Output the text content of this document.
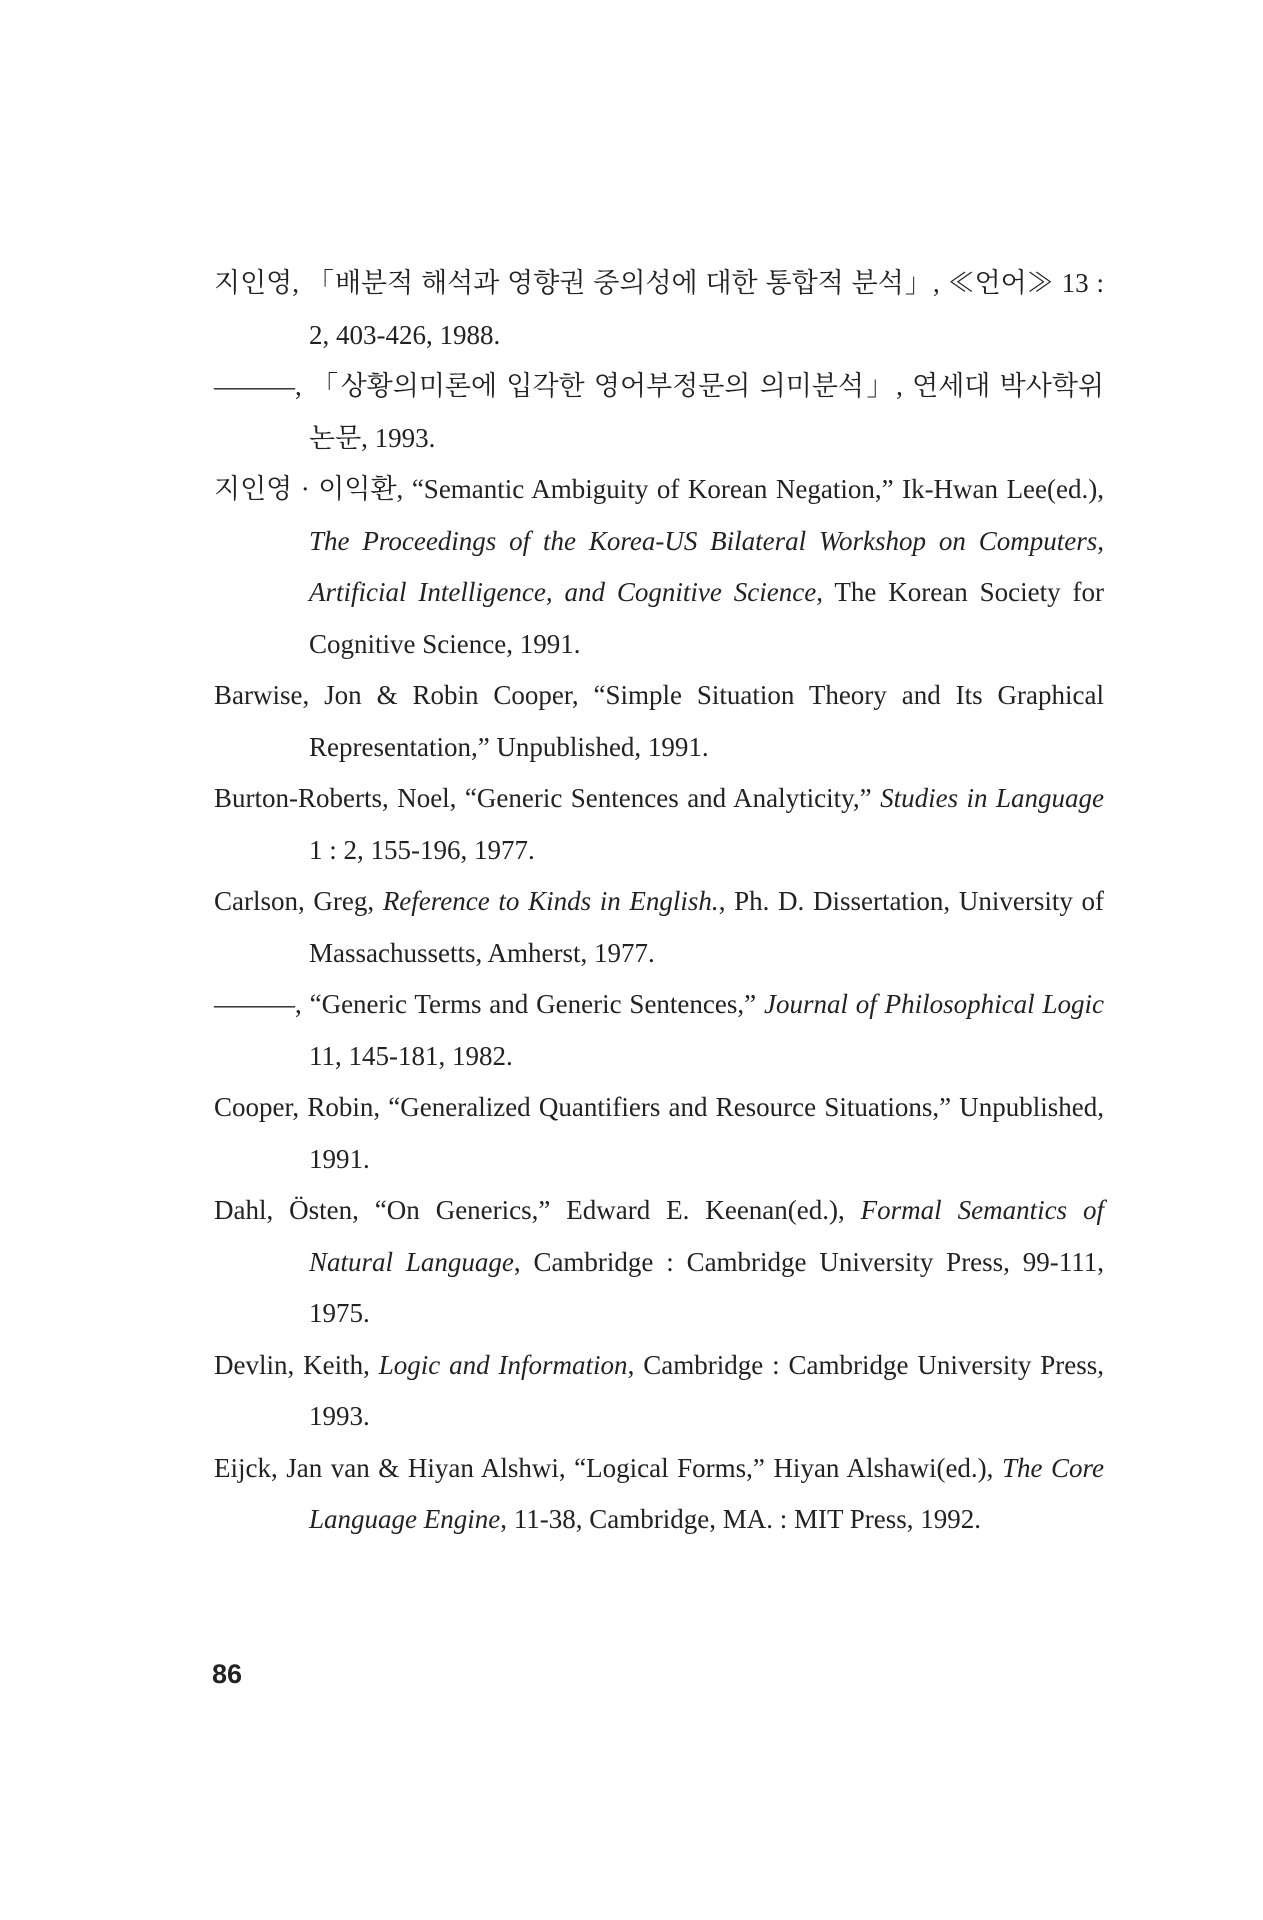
지인영, 「배분적 해석과 영향권 중의성에 대한 통합적 분석」, ≪언어≫ 13 : 2, 403-426, 1988.
———, 「상황의미론에 입각한 영어부정문의 의미분석」, 연세대 박사학위논문, 1993.
지인영 · 이익환, “Semantic Ambiguity of Korean Negation,” Ik-Hwan Lee(ed.), The Proceedings of the Korea-US Bilateral Workshop on Computers, Artificial Intelligence, and Cognitive Science, The Korean Society for Cognitive Science, 1991.
Barwise, Jon & Robin Cooper, “Simple Situation Theory and Its Graphical Representation,” Unpublished, 1991.
Burton-Roberts, Noel, “Generic Sentences and Analyticity,” Studies in Language 1 : 2, 155-196, 1977.
Carlson, Greg, Reference to Kinds in English., Ph. D. Dissertation, University of Massachussetts, Amherst, 1977.
———, “Generic Terms and Generic Sentences,” Journal of Philosophical Logic 11, 145-181, 1982.
Cooper, Robin, “Generalized Quantifiers and Resource Situations,” Unpublished, 1991.
Dahl, Östen, “On Generics,” Edward E. Keenan(ed.), Formal Semantics of Natural Language, Cambridge : Cambridge University Press, 99-111, 1975.
Devlin, Keith, Logic and Information, Cambridge : Cambridge University Press, 1993.
Eijck, Jan van & Hiyan Alshwi, “Logical Forms,” Hiyan Alshawi(ed.), The Core Language Engine, 11-38, Cambridge, MA. : MIT Press, 1992.
86
